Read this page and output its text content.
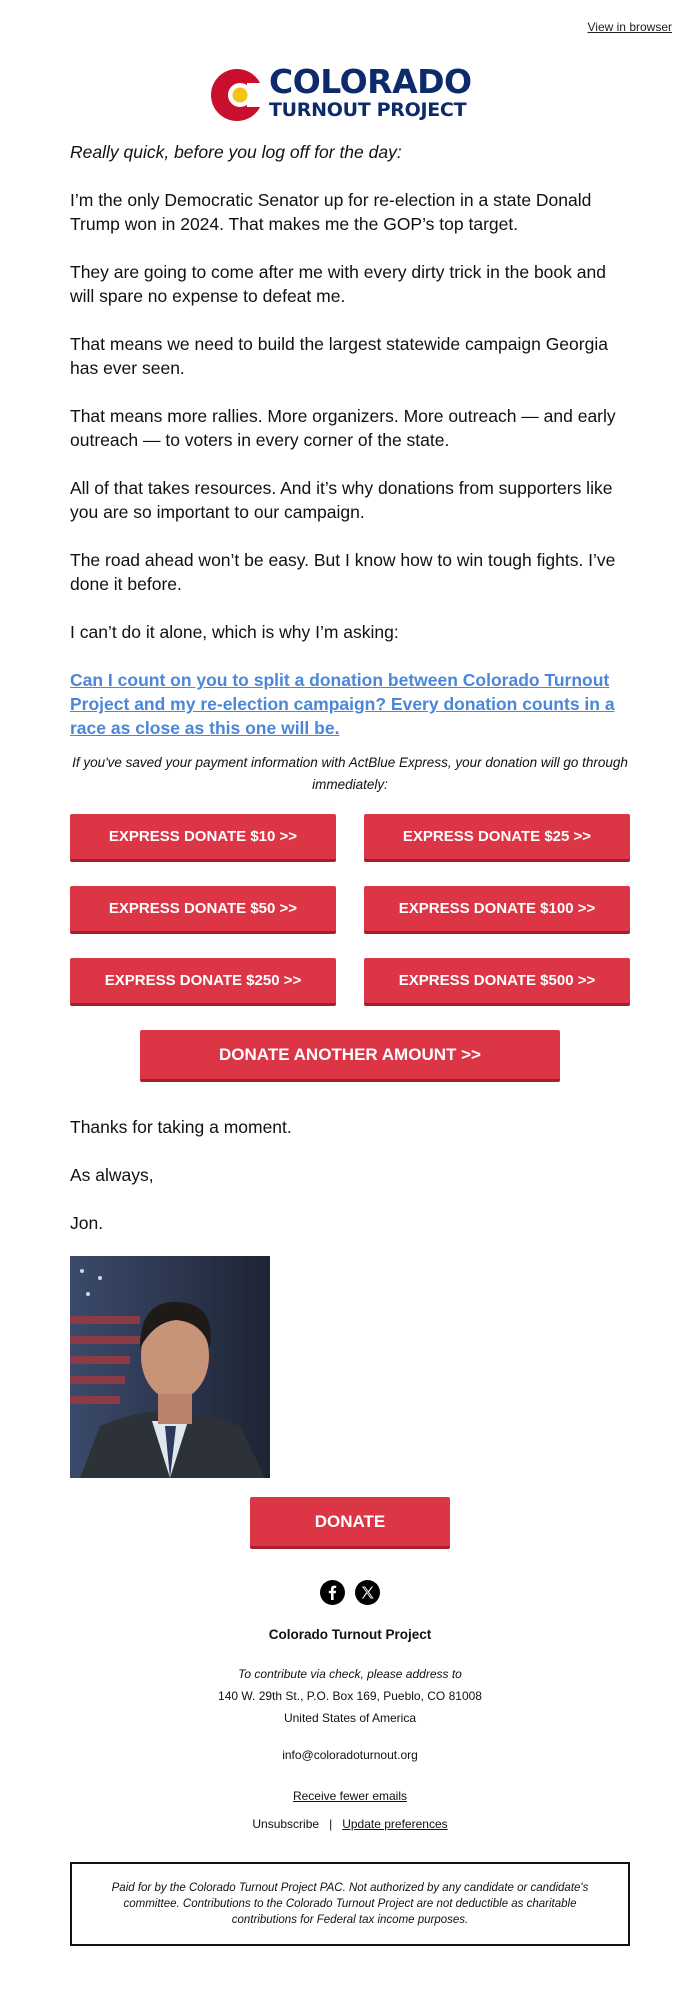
View in browser
COLORADO
TURNOUT PROJECT

Really quick, before you log off for the day:

I’m the only Democratic Senator up for re-election in a state Donald Trump won in 2024. That makes me the GOP’s top target.

They are going to come after me with every dirty trick in the book and will spare no expense to defeat me.

That means we need to build the largest statewide campaign Georgia has ever seen.

That means more rallies. More organizers. More outreach — and early outreach — to voters in every corner of the state.

All of that takes resources. And it’s why donations from supporters like you are so important to our campaign.

The road ahead won’t be easy. But I know how to win tough fights. I’ve done it before.

I can’t do it alone, which is why I’m asking:

Can I count on you to split a donation between Colorado Turnout Project and my re-election campaign? Every donation counts in a race as close as this one will be.

If you've saved your payment information with ActBlue Express, your donation will go through immediately:

EXPRESS DONATE $10 >>	EXPRESS DONATE $25 >>
EXPRESS DONATE $50 >>	EXPRESS DONATE $100 >>
EXPRESS DONATE $250 >>	EXPRESS DONATE $500 >>
DONATE ANOTHER AMOUNT >>

Thanks for taking a moment.

As always,

Jon.

DONATE
Colorado Turnout Project
To contribute via check, please address to
140 W. 29th St., P.O. Box 169, Pueblo, CO 81008
United States of America
info@coloradoturnout.org
Receive fewer emails
Unsubscribe | Update preferences
Paid for by the Colorado Turnout Project PAC. Not authorized by any candidate or candidate's committee. Contributions to the Colorado Turnout Project are not deductible as charitable contributions for Federal tax income purposes.
